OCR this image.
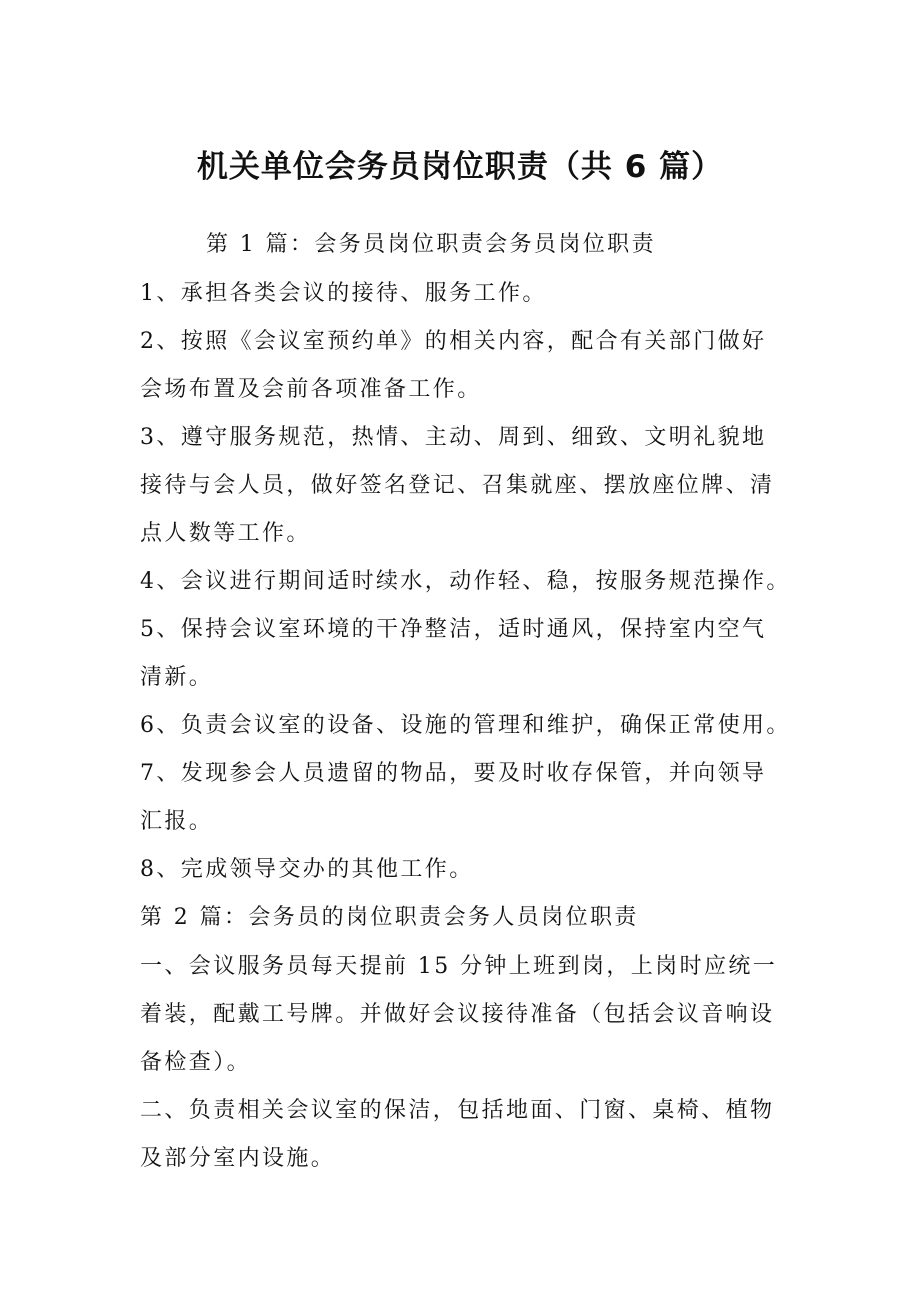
机关单位会务员岗位职责（共 6 篇）
第 1 篇：会务员岗位职责会务员岗位职责
1、承担各类会议的接待、服务工作。
2、按照《会议室预约单》的相关内容，配合有关部门做好
会场布置及会前各项准备工作。
3、遵守服务规范，热情、主动、周到、细致、文明礼貌地
接待与会人员，做好签名登记、召集就座、摆放座位牌、清
点人数等工作。
4、会议进行期间适时续水，动作轻、稳，按服务规范操作。
5、保持会议室环境的干净整洁，适时通风，保持室内空气
清新。
6、负责会议室的设备、设施的管理和维护，确保正常使用。
7、发现参会人员遗留的物品，要及时收存保管，并向领导
汇报。
8、完成领导交办的其他工作。
第 2 篇：会务员的岗位职责会务人员岗位职责
一、会议服务员每天提前 15 分钟上班到岗，上岗时应统一
着装，配戴工号牌。并做好会议接待准备（包括会议音响设
备检查）。
二、负责相关会议室的保洁，包括地面、门窗、桌椅、植物
及部分室内设施。
